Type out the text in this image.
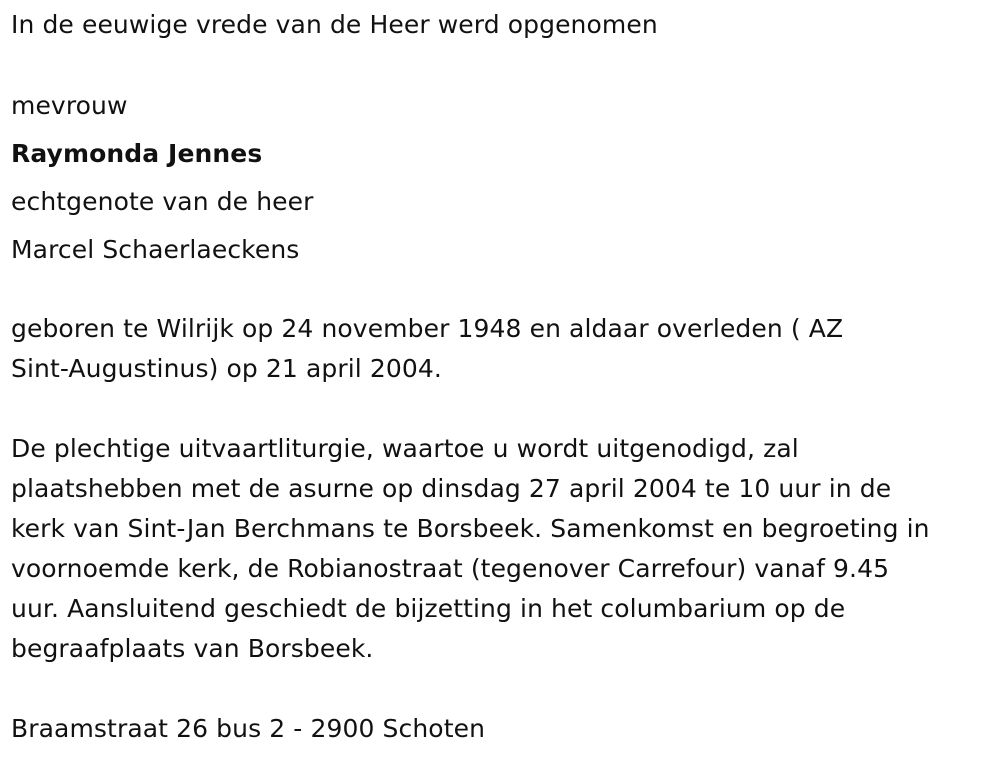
In de eeuwige vrede van de Heer werd opgenomen
mevrouw
Raymonda Jennes
echtgenote van de heer
Marcel Schaerlaeckens
geboren te Wilrijk op 24 november 1948 en aldaar overleden ( AZ
Sint-Augustinus) op 21 april 2004.
De plechtige uitvaartliturgie, waartoe u wordt uitgenodigd, zal
plaatshebben met de asurne op dinsdag 27 april 2004 te 10 uur in de
kerk van Sint-Jan Berchmans te Borsbeek. Samenkomst en begroeting in
voornoemde kerk, de Robianostraat (tegenover Carrefour) vanaf 9.45
uur. Aansluitend geschiedt de bijzetting in het columbarium op de
begraafplaats van Borsbeek.
Braamstraat 26 bus 2 - 2900 Schoten
